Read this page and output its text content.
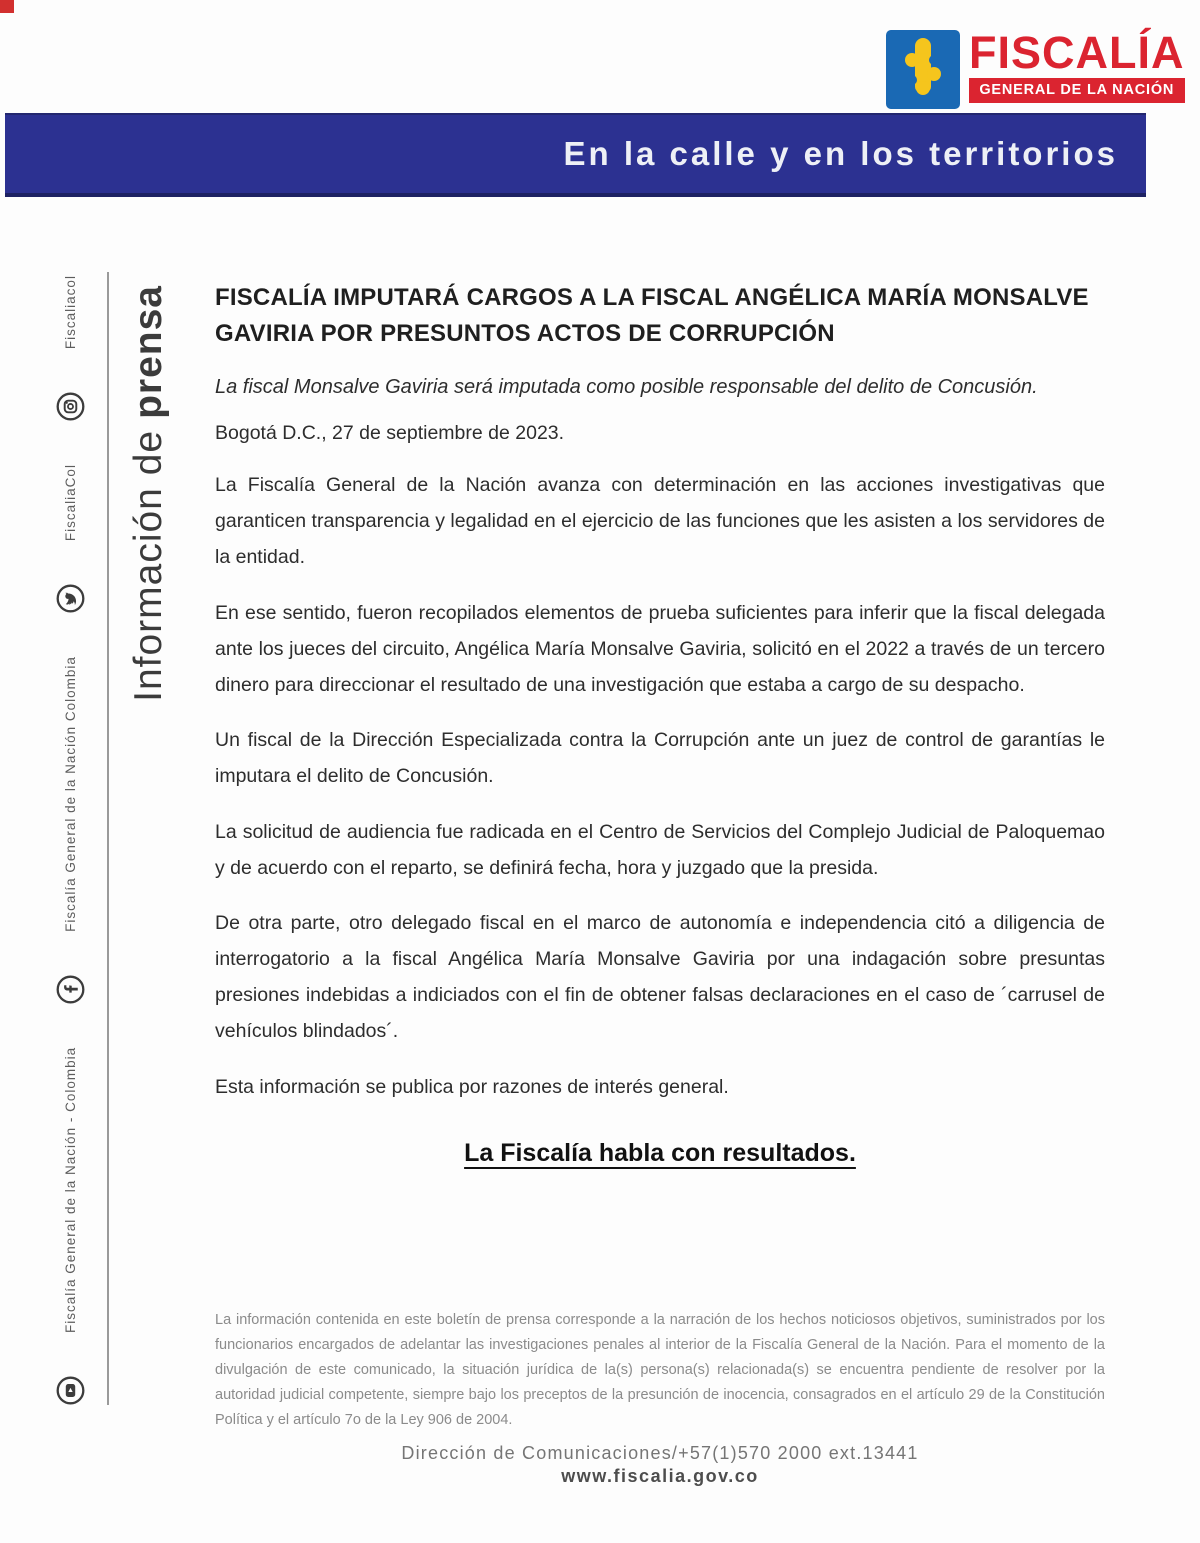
FISCALÍA
GENERAL DE LA NACIÓN
En la calle y en los territorios
Fiscalía General de la Nación - Colombia
Fiscalía General de la Nación Colombia
FiscaliaCol
Fiscaliacol
Información de
prensa FISCALÍA IMPUTARÁ CARGOS A LA FISCAL ANGÉLICA MARÍA MONSALVE GAVIRIA POR PRESUNTOS ACTOS DE CORRUPCIÓN
La fiscal Monsalve Gaviria será imputada como posible responsable del delito de Concusión.
Bogotá D.C., 27 de septiembre de 2023.

La Fiscalía General de la Nación avanza con determinación en las acciones investigativas que garanticen transparencia y legalidad en el ejercicio de las funciones que les asisten a los servidores de la entidad.

En ese sentido, fueron recopilados elementos de prueba suficientes para inferir que la fiscal delegada ante los jueces del circuito, Angélica María Monsalve Gaviria, solicitó en el 2022 a través de un tercero dinero para direccionar el resultado de una investigación que estaba a cargo de su despacho.

Un fiscal de la Dirección Especializada contra la Corrupción ante un juez de control de garantías le imputara el delito de Concusión.

La solicitud de audiencia fue radicada en el Centro de Servicios del Complejo Judicial de Paloquemao y de acuerdo con el reparto, se definirá fecha, hora y juzgado que la presida.

De otra parte, otro delegado fiscal en el marco de autonomía e independencia citó a diligencia de interrogatorio a la fiscal Angélica María Monsalve Gaviria por una indagación sobre presuntas presiones indebidas a indiciados con el fin de obtener falsas declaraciones en el caso de ´carrusel de vehículos blindados´.

Esta información se publica por razones de interés general.

La Fiscalía habla con resultados.
La información contenida en este boletín de prensa corresponde a la narración de los hechos noticiosos objetivos, suministrados por los funcionarios encargados de adelantar las investigaciones penales al interior de la Fiscalía General de la Nación. Para el momento de la divulgación de este comunicado, la situación jurídica de la(s) persona(s) relacionada(s) se encuentra pendiente de resolver por la autoridad judicial competente, siempre bajo los preceptos de la presunción de inocencia, consagrados en el artículo 29 de la Constitución Política y el artículo 7o de la Ley 906 de 2004.
Dirección de Comunicaciones/+57(1)570 2000 ext.13441
www.fiscalia.gov.co
